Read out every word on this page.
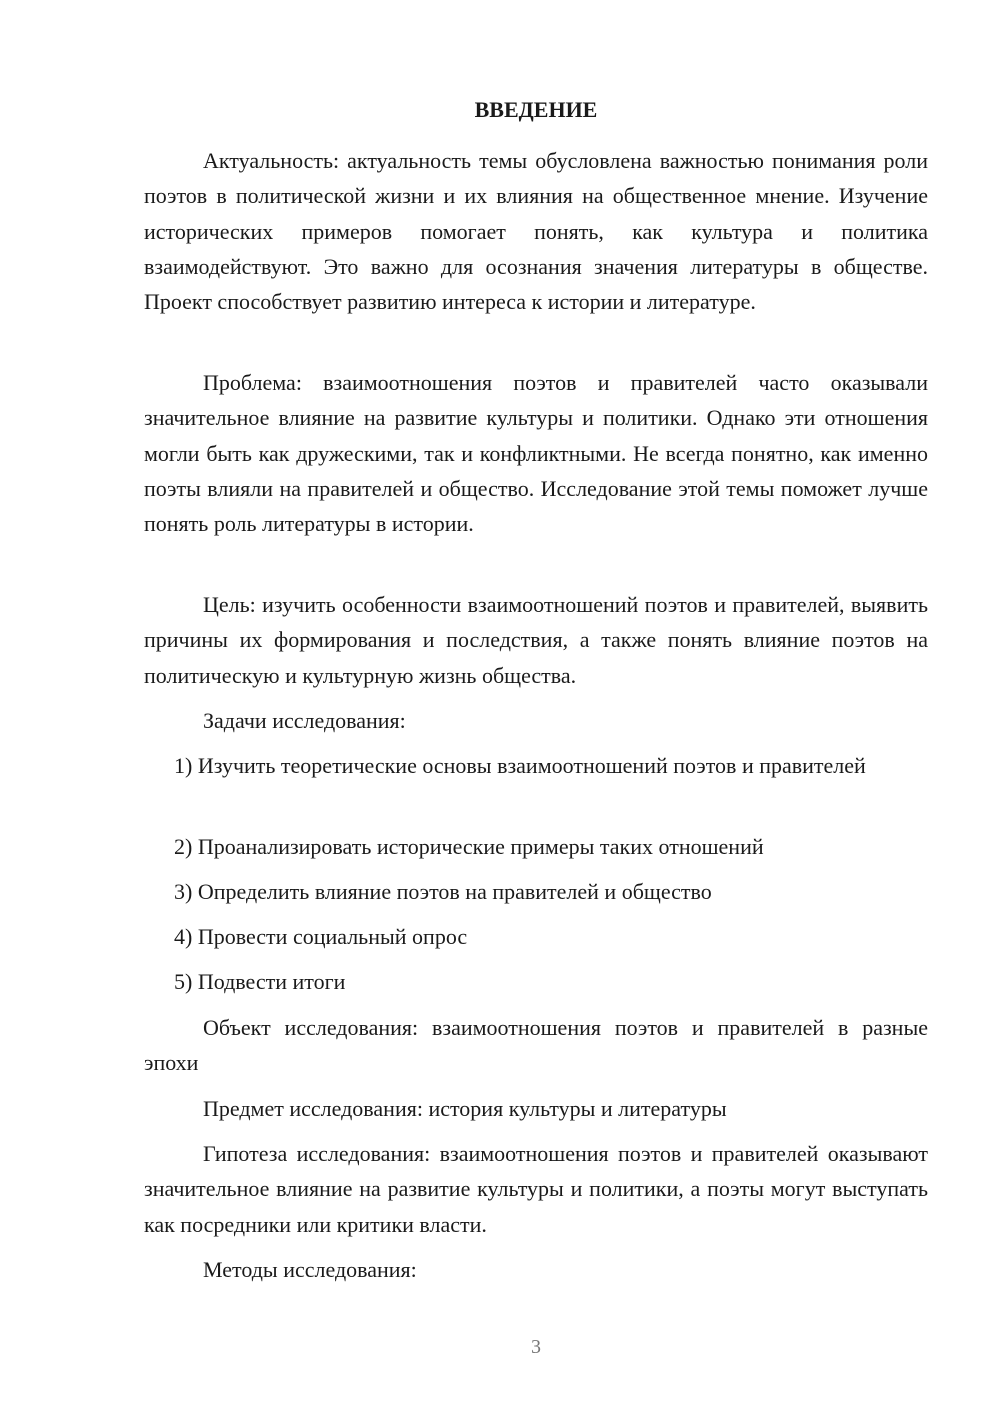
ВВЕДЕНИЕ

Актуальность: актуальность темы обусловлена важностью понимания роли поэтов в политической жизни и их влияния на общественное мнение. Изучение исторических примеров помогает понять, как культура и политика взаимодействуют. Это важно для осознания значения литературы в обществе. Проект способствует развитию интереса к истории и литературе.

Проблема: взаимоотношения поэтов и правителей часто оказывали значительное влияние на развитие культуры и политики. Однако эти отношения могли быть как дружескими, так и конфликтными. Не всегда понятно, как именно поэты влияли на правителей и общество. Исследование этой темы поможет лучше понять роль литературы в истории.

Цель: изучить особенности взаимоотношений поэтов и правителей, выявить причины их формирования и последствия, а также понять влияние поэтов на политическую и культурную жизнь общества.

Задачи исследования:

1) Изучить теоретические основы взаимоотношений поэтов и правителей

2) Проанализировать исторические примеры таких отношений

3) Определить влияние поэтов на правителей и общество

4) Провести социальный опрос

5) Подвести итоги

Объект исследования: взаимоотношения поэтов и правителей в разные эпохи

Предмет исследования: история культуры и литературы

Гипотеза исследования: взаимоотношения поэтов и правителей оказывают значительное влияние на развитие культуры и политики, а поэты могут выступать как посредники или критики власти.

Методы исследования:

3
